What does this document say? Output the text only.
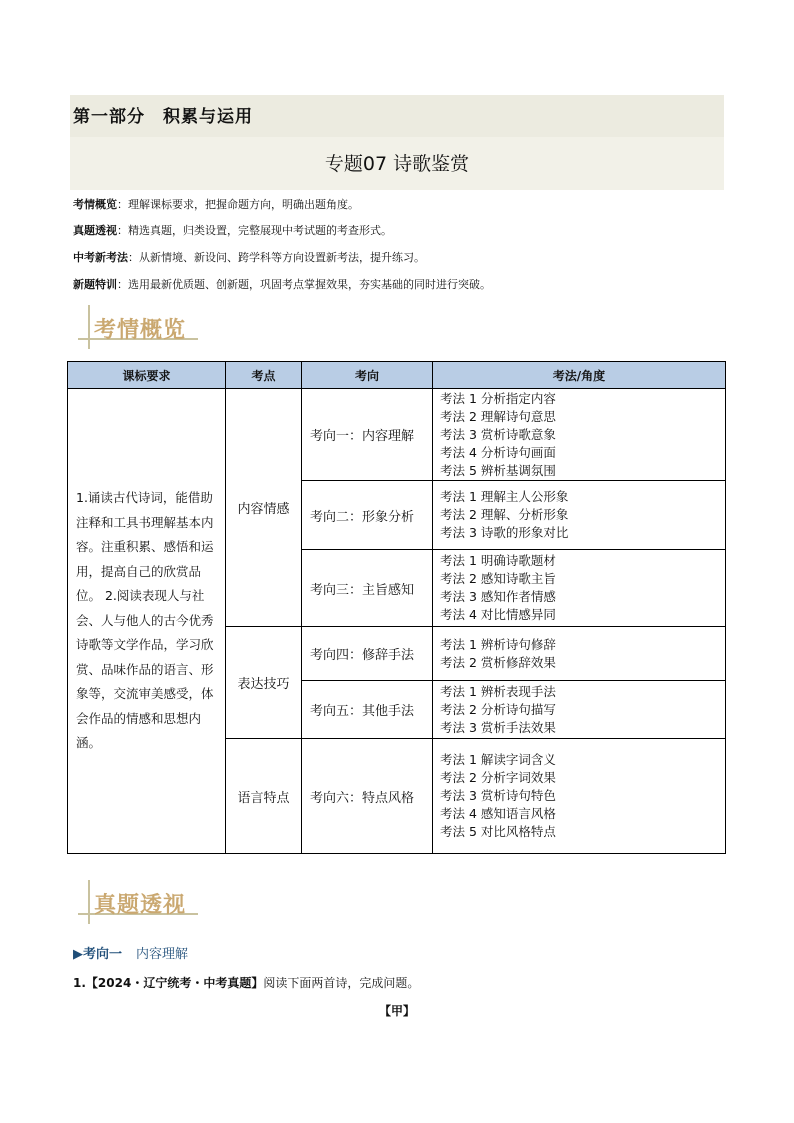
第一部分　积累与运用
专题07 诗歌鉴赏
考情概览：理解课标要求，把握命题方向，明确出题角度。
真题透视：精选真题，归类设置，完整展现中考试题的考查形式。
中考新考法：从新情境、新设问、跨学科等方向设置新考法，提升练习。
新题特训：选用最新优质题、创新题，巩固考点掌握效果，夯实基础的同时进行突破。
考情概览
课标要求	考点	考向	考法/角度
1.诵读古代诗词，能借助注释和工具书理解基本内容。注重积累、感悟和运用，提高自己的欣赏品位。 2.阅读表现人与社会、人与他人的古今优秀诗歌等文学作品，学习欣赏、品味作品的语言、形象等，交流审美感受，体会作品的情感和思想内涵。	内容情感	考向一：内容理解	考法 1 分析指定内容
考法 2 理解诗句意思
考法 3 赏析诗歌意象
考法 4 分析诗句画面
考法 5 辨析基调氛围

		考向二：形象分析	考法 1 理解主人公形象
考法 2 理解、分析形象
考法 3 诗歌的形象对比

		考向三：主旨感知	考法 1 明确诗歌题材
考法 2 感知诗歌主旨
考法 3 感知作者情感
考法 4 对比情感异同

	表达技巧	考向四：修辞手法	考法 1 辨析诗句修辞
考法 2 赏析修辞效果

		考向五：其他手法	考法 1 辨析表现手法
考法 2 分析诗句描写
考法 3 赏析手法效果

	语言特点	考向六：特点风格	考法 1 解读字词含义
考法 2 分析字词效果
考法 3 赏析诗句特色
考法 4 感知语言风格
考法 5 对比风格特点
真题透视
▶考向一 内容理解
1.【2024・辽宁统考・中考真题】阅读下面两首诗，完成问题。
【甲】
